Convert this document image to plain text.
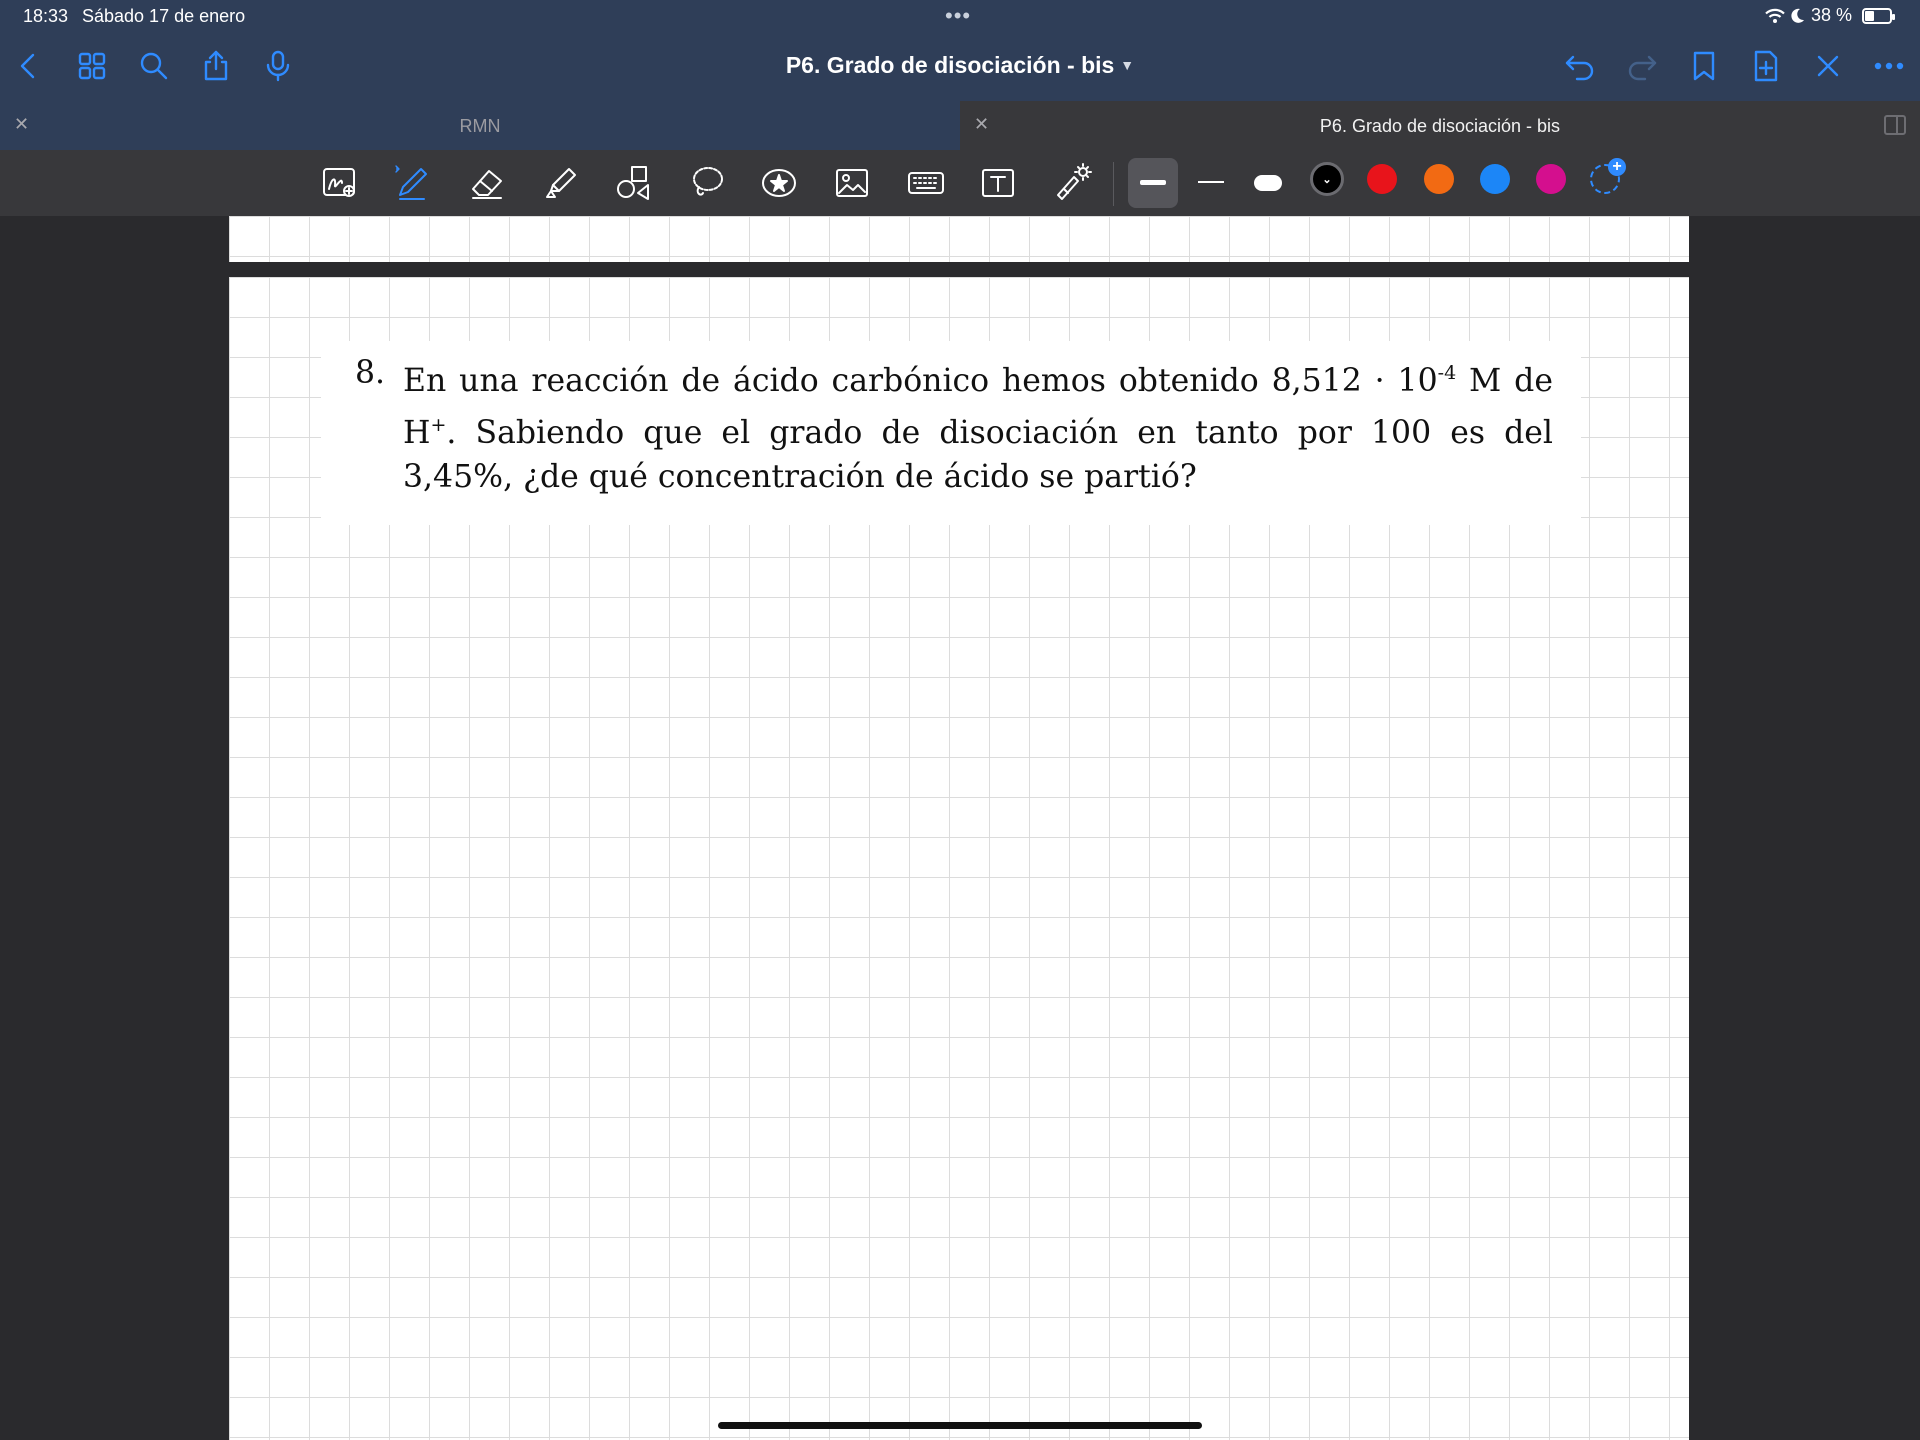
18:33 Sábado 17 de enero	•••	38 %
P6. Grado de disociación - bis ▼
✕	RMN	✕	P6. Grado de disociación - bis
⌄
+
8. En una reacción de ácido carbónico hemos obtenido $8,512 \cdot 10^{-4}$ M de H+. Sabiendo que el grado de disociación en tanto por 100 es del 3,45%, ¿de qué concentración de ácido se partió?
